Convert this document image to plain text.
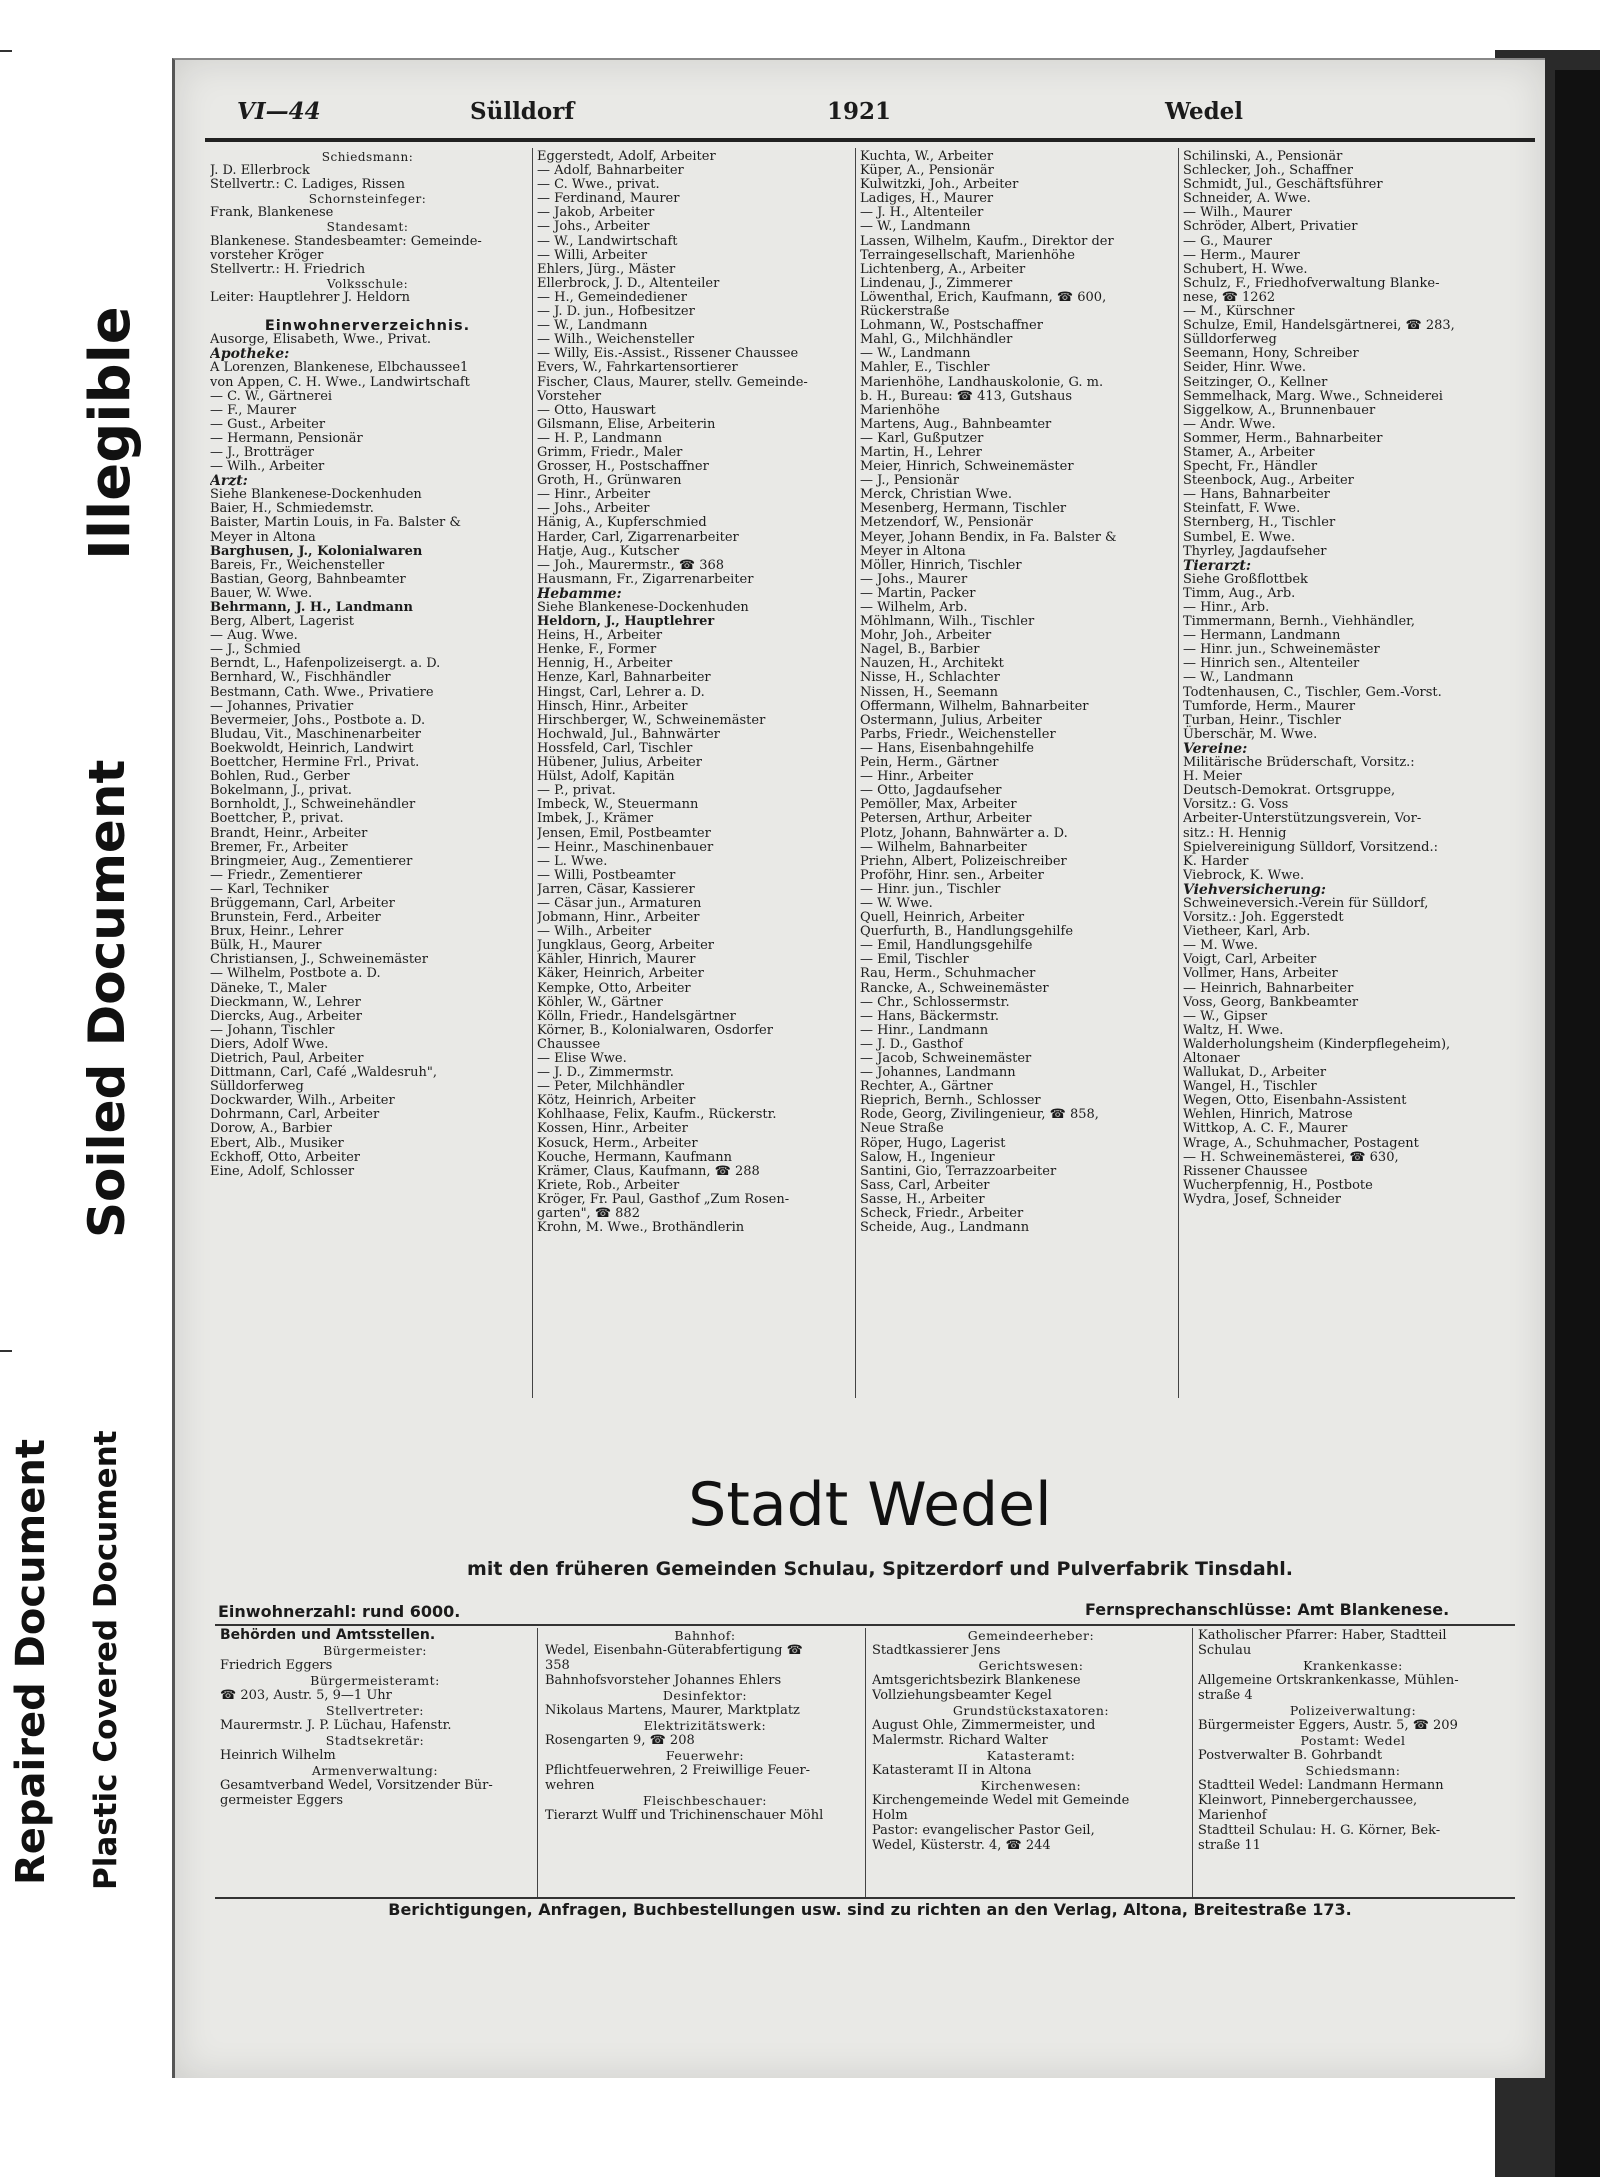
Illegible
Soiled Document
Repaired Document Plastic Covered Document
VI—44	Sülldorf	1921	Wedel
Schiedsmann:
J. D. Ellerbrock
Stellvertr.: C. Ladiges, Rissen
Schornsteinfeger:
Frank, Blankenese
Standesamt:
Blankenese. Standesbeamter: Gemeinde-
vorsteher Kröger
Stellvertr.: H. Friedrich
Volksschule:
Leiter: Hauptlehrer J. Heldorn
Einwohnerverzeichnis.
Ausorge, Elisabeth, Wwe., Privat.
Apotheke:
A Lorenzen, Blankenese, Elbchaussee1
von Appen, C. H. Wwe., Landwirtschaft
— C. W., Gärtnerei
— F., Maurer
— Gust., Arbeiter
— Hermann, Pensionär
— J., Brotträger
— Wilh., Arbeiter
Arzt:
Siehe Blankenese-Dockenhuden
Baier, H., Schmiedemstr.
Baister, Martin Louis, in Fa. Balster &
Meyer in Altona
Barghusen, J., Kolonialwaren
Bareis, Fr., Weichensteller
Bastian, Georg, Bahnbeamter
Bauer, W. Wwe.
Behrmann, J. H., Landmann
Berg, Albert, Lagerist
— Aug. Wwe.
— J., Schmied
Berndt, L., Hafenpolizeisergt. a. D.
Bernhard, W., Fischhändler
Bestmann, Cath. Wwe., Privatiere
— Johannes, Privatier
Bevermeier, Johs., Postbote a. D.
Bludau, Vit., Maschinenarbeiter
Boekwoldt, Heinrich, Landwirt
Boettcher, Hermine Frl., Privat.
Bohlen, Rud., Gerber
Bokelmann, J., privat.
Bornholdt, J., Schweinehändler
Boettcher, P., privat.
Brandt, Heinr., Arbeiter
Bremer, Fr., Arbeiter
Bringmeier, Aug., Zementierer
— Friedr., Zementierer
— Karl, Techniker
Brüggemann, Carl, Arbeiter
Brunstein, Ferd., Arbeiter
Brux, Heinr., Lehrer
Bülk, H., Maurer
Christiansen, J., Schweinemäster
— Wilhelm, Postbote a. D.
Däneke, T., Maler
Dieckmann, W., Lehrer
Diercks, Aug., Arbeiter
— Johann, Tischler
Diers, Adolf Wwe.
Dietrich, Paul, Arbeiter
Dittmann, Carl, Café „Waldesruh",
Sülldorferweg
Dockwarder, Wilh., Arbeiter
Dohrmann, Carl, Arbeiter
Dorow, A., Barbier
Ebert, Alb., Musiker
Eckhoff, Otto, Arbeiter
Eine, Adolf, Schlosser
Eggerstedt, Adolf, Arbeiter
— Adolf, Bahnarbeiter
— C. Wwe., privat.
— Ferdinand, Maurer
— Jakob, Arbeiter
— Johs., Arbeiter
— W., Landwirtschaft
— Willi, Arbeiter
Ehlers, Jürg., Mäster
Ellerbrock, J. D., Altenteiler
— H., Gemeindediener
— J. D. jun., Hofbesitzer
— W., Landmann
— Wilh., Weichensteller
— Willy, Eis.-Assist., Rissener Chaussee
Evers, W., Fahrkartensortierer
Fischer, Claus, Maurer, stellv. Gemeinde-
Vorsteher
— Otto, Hauswart
Gilsmann, Elise, Arbeiterin
— H. P., Landmann
Grimm, Friedr., Maler
Grosser, H., Postschaffner
Groth, H., Grünwaren
— Hinr., Arbeiter
— Johs., Arbeiter
Hänig, A., Kupferschmied
Harder, Carl, Zigarrenarbeiter
Hatje, Aug., Kutscher
— Joh., Maurermstr., ☎ 368
Hausmann, Fr., Zigarrenarbeiter
Hebamme:
Siehe Blankenese-Dockenhuden
Heldorn, J., Hauptlehrer
Heins, H., Arbeiter
Henke, F., Former
Hennig, H., Arbeiter
Henze, Karl, Bahnarbeiter
Hingst, Carl, Lehrer a. D.
Hinsch, Hinr., Arbeiter
Hirschberger, W., Schweinemäster
Hochwald, Jul., Bahnwärter
Hossfeld, Carl, Tischler
Hübener, Julius, Arbeiter
Hülst, Adolf, Kapitän
— P., privat.
Imbeck, W., Steuermann
Imbek, J., Krämer
Jensen, Emil, Postbeamter
— Heinr., Maschinenbauer
— L. Wwe.
— Willi, Postbeamter
Jarren, Cäsar, Kassierer
— Cäsar jun., Armaturen
Jobmann, Hinr., Arbeiter
— Wilh., Arbeiter
Jungklaus, Georg, Arbeiter
Kähler, Hinrich, Maurer
Käker, Heinrich, Arbeiter
Kempke, Otto, Arbeiter
Köhler, W., Gärtner
Kölln, Friedr., Handelsgärtner
Körner, B., Kolonialwaren, Osdorfer
Chaussee
— Elise Wwe.
— J. D., Zimmermstr.
— Peter, Milchhändler
Kötz, Heinrich, Arbeiter
Kohlhaase, Felix, Kaufm., Rückerstr.
Kossen, Hinr., Arbeiter
Kosuck, Herm., Arbeiter
Kouche, Hermann, Kaufmann
Krämer, Claus, Kaufmann, ☎ 288
Kriete, Rob., Arbeiter
Kröger, Fr. Paul, Gasthof „Zum Rosen-
garten", ☎ 882
Krohn, M. Wwe., Brothändlerin
Kuchta, W., Arbeiter
Küper, A., Pensionär
Kulwitzki, Joh., Arbeiter
Ladiges, H., Maurer
— J. H., Altenteiler
— W., Landmann
Lassen, Wilhelm, Kaufm., Direktor der
Terraingesellschaft, Marienhöhe
Lichtenberg, A., Arbeiter
Lindenau, J., Zimmerer
Löwenthal, Erich, Kaufmann, ☎ 600,
Rückerstraße
Lohmann, W., Postschaffner
Mahl, G., Milchhändler
— W., Landmann
Mahler, E., Tischler
Marienhöhe, Landhauskolonie, G. m.
b. H., Bureau: ☎ 413, Gutshaus
Marienhöhe
Martens, Aug., Bahnbeamter
— Karl, Gußputzer
Martin, H., Lehrer
Meier, Hinrich, Schweinemäster
— J., Pensionär
Merck, Christian Wwe.
Mesenberg, Hermann, Tischler
Metzendorf, W., Pensionär
Meyer, Johann Bendix, in Fa. Balster &
Meyer in Altona
Möller, Hinrich, Tischler
— Johs., Maurer
— Martin, Packer
— Wilhelm, Arb.
Möhlmann, Wilh., Tischler
Mohr, Joh., Arbeiter
Nagel, B., Barbier
Nauzen, H., Architekt
Nisse, H., Schlachter
Nissen, H., Seemann
Offermann, Wilhelm, Bahnarbeiter
Ostermann, Julius, Arbeiter
Parbs, Friedr., Weichensteller
— Hans, Eisenbahngehilfe
Pein, Herm., Gärtner
— Hinr., Arbeiter
— Otto, Jagdaufseher
Pemöller, Max, Arbeiter
Petersen, Arthur, Arbeiter
Plotz, Johann, Bahnwärter a. D.
— Wilhelm, Bahnarbeiter
Priehn, Albert, Polizeischreiber
Proföhr, Hinr. sen., Arbeiter
— Hinr. jun., Tischler
— W. Wwe.
Quell, Heinrich, Arbeiter
Querfurth, B., Handlungsgehilfe
— Emil, Handlungsgehilfe
— Emil, Tischler
Rau, Herm., Schuhmacher
Rancke, A., Schweinemäster
— Chr., Schlossermstr.
— Hans, Bäckermstr.
— Hinr., Landmann
— J. D., Gasthof
— Jacob, Schweinemäster
— Johannes, Landmann
Rechter, A., Gärtner
Rieprich, Bernh., Schlosser
Rode, Georg, Zivilingenieur, ☎ 858,
Neue Straße
Röper, Hugo, Lagerist
Salow, H., Ingenieur
Santini, Gio, Terrazzoarbeiter
Sass, Carl, Arbeiter
Sasse, H., Arbeiter
Scheck, Friedr., Arbeiter
Scheide, Aug., Landmann
Schilinski, A., Pensionär
Schlecker, Joh., Schaffner
Schmidt, Jul., Geschäftsführer
Schneider, A. Wwe.
— Wilh., Maurer
Schröder, Albert, Privatier
— G., Maurer
— Herm., Maurer
Schubert, H. Wwe.
Schulz, F., Friedhofverwaltung Blanke-
nese, ☎ 1262
— M., Kürschner
Schulze, Emil, Handelsgärtnerei, ☎ 283,
Sülldorferweg
Seemann, Hony, Schreiber
Seider, Hinr. Wwe.
Seitzinger, O., Kellner
Semmelhack, Marg. Wwe., Schneiderei
Siggelkow, A., Brunnenbauer
— Andr. Wwe.
Sommer, Herm., Bahnarbeiter
Stamer, A., Arbeiter
Specht, Fr., Händler
Steenbock, Aug., Arbeiter
— Hans, Bahnarbeiter
Steinfatt, F. Wwe.
Sternberg, H., Tischler
Sumbel, E. Wwe.
Thyrley, Jagdaufseher
Tierarzt:
Siehe Großflottbek
Timm, Aug., Arb.
— Hinr., Arb.
Timmermann, Bernh., Viehhändler,
— Hermann, Landmann
— Hinr. jun., Schweinemäster
— Hinrich sen., Altenteiler
— W., Landmann
Todtenhausen, C., Tischler, Gem.-Vorst.
Tumforde, Herm., Maurer
Turban, Heinr., Tischler
Überschär, M. Wwe.
Vereine:
Militärische Brüderschaft, Vorsitz.:
H. Meier
Deutsch-Demokrat. Ortsgruppe,
Vorsitz.: G. Voss
Arbeiter-Unterstützungsverein, Vor-
sitz.: H. Hennig
Spielvereinigung Sülldorf, Vorsitzend.:
K. Harder
Viebrock, K. Wwe.
Viehversicherung:
Schweineversich.-Verein für Sülldorf,
Vorsitz.: Joh. Eggerstedt
Vietheer, Karl, Arb.
— M. Wwe.
Voigt, Carl, Arbeiter
Vollmer, Hans, Arbeiter
— Heinrich, Bahnarbeiter
Voss, Georg, Bankbeamter
— W., Gipser
Waltz, H. Wwe.
Walderholungsheim (Kinderpflegeheim),
Altonaer
Wallukat, D., Arbeiter
Wangel, H., Tischler
Wegen, Otto, Eisenbahn-Assistent
Wehlen, Hinrich, Matrose
Wittkop, A. C. F., Maurer
Wrage, A., Schuhmacher, Postagent
— H. Schweinemästerei, ☎ 630,
Rissener Chaussee
Wucherpfennig, H., Postbote
Wydra, Josef, Schneider
Stadt Wedel
mit den früheren Gemeinden Schulau, Spitzerdorf und Pulverfabrik Tinsdahl.
Einwohnerzahl: rund 6000.	Fernsprechanschlüsse: Amt Blankenese.
Behörden und Amtsstellen.
Bürgermeister:
Friedrich Eggers
Bürgermeisteramt:
☎ 203, Austr. 5, 9—1 Uhr
Stellvertreter:
Maurermstr. J. P. Lüchau, Hafenstr.
Stadtsekretär:
Heinrich Wilhelm
Armenverwaltung:
Gesamtverband Wedel, Vorsitzender Bür-
germeister Eggers
Bahnhof:
Wedel, Eisenbahn-Güterabfertigung ☎
358
Bahnhofsvorsteher Johannes Ehlers
Desinfektor:
Nikolaus Martens, Maurer, Marktplatz
Elektrizitätswerk:
Rosengarten 9, ☎ 208
Feuerwehr:
Pflichtfeuerwehren, 2 Freiwillige Feuer-
wehren
Fleischbeschauer:
Tierarzt Wulff und Trichinenschauer Möhl
Gemeindeerheber:
Stadtkassierer Jens
Gerichtswesen:
Amtsgerichtsbezirk Blankenese
Vollziehungsbeamter Kegel
Grundstückstaxatoren:
August Ohle, Zimmermeister, und
Malermstr. Richard Walter
Katasteramt:
Katasteramt II in Altona
Kirchenwesen:
Kirchengemeinde Wedel mit Gemeinde
Holm
Pastor: evangelischer Pastor Geil,
Wedel, Küsterstr. 4, ☎ 244
Katholischer Pfarrer: Haber, Stadtteil
Schulau
Krankenkasse:
Allgemeine Ortskrankenkasse, Mühlen-
straße 4
Polizeiverwaltung:
Bürgermeister Eggers, Austr. 5, ☎ 209
Postamt: Wedel
Postverwalter B. Gohrbandt
Schiedsmann:
Stadtteil Wedel: Landmann Hermann
Kleinwort, Pinnebergerchaussee,
Marienhof
Stadtteil Schulau: H. G. Körner, Bek-
straße 11
Berichtigungen, Anfragen, Buchbestellungen usw. sind zu richten an den Verlag, Altona, Breitestraße 173.
